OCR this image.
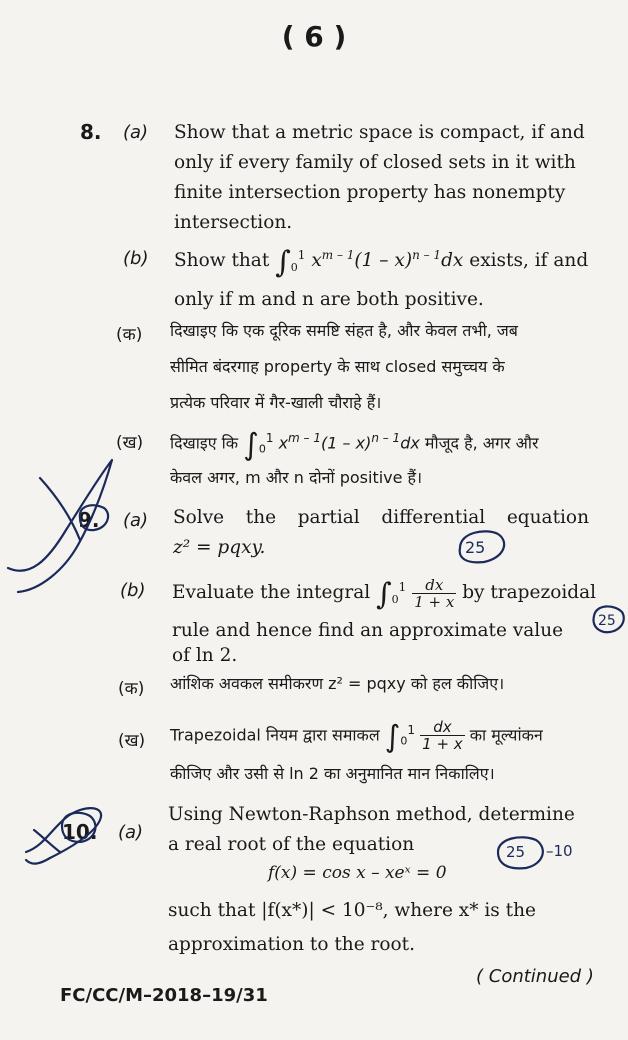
( 6 )
8. (a) Show that a metric space is compact, if and
only if every family of closed sets in it with
finite intersection property has nonempty
intersection.
(b) Show that $\int_0^1$ $x^{m - 1}(1 - x)^{n - 1}dx$ exists, if and
only if m and n are both positive.
(क) दिखाइए कि एक दूरिक समष्टि संहत है, और केवल तभी, जब
सीमित बंदरगाह property के साथ closed समुच्चय के
प्रत्येक परिवार में गैर-खाली चौराहे हैं।
(ख) दिखाइए कि $\int_0^1$ $x^{m - 1}(1 - x)^{n - 1}dx$ मौजूद है, अगर और
केवल अगर, m और n दोनों positive हैं।
9. (a) Solve the partial differential equation
z² = pqxy.
(b) Evaluate the integral $\int_0^1 \frac{dx}{1 + x}$ by trapezoidal
rule and hence find an approximate value
of ln 2.
(क) आंशिक अवकल समीकरण z² = pqxy को हल कीजिए।
(ख) Trapezoidal नियम द्वारा समाकल $\int_0^1 \frac{dx}{1 + x}$ का मूल्यांकन
कीजिए और उसी से ln 2 का अनुमानित मान निकालिए।
10. (a)
Using Newton-Raphson method, determine
a real root of the equation
f(x) = cos x – xeˣ = 0
such that |f(x*)| < 10⁻⁸, where x* is the
approximation to the root.
( Continued )
FC/CC/M–2018–19/31
25
25
25 –10
